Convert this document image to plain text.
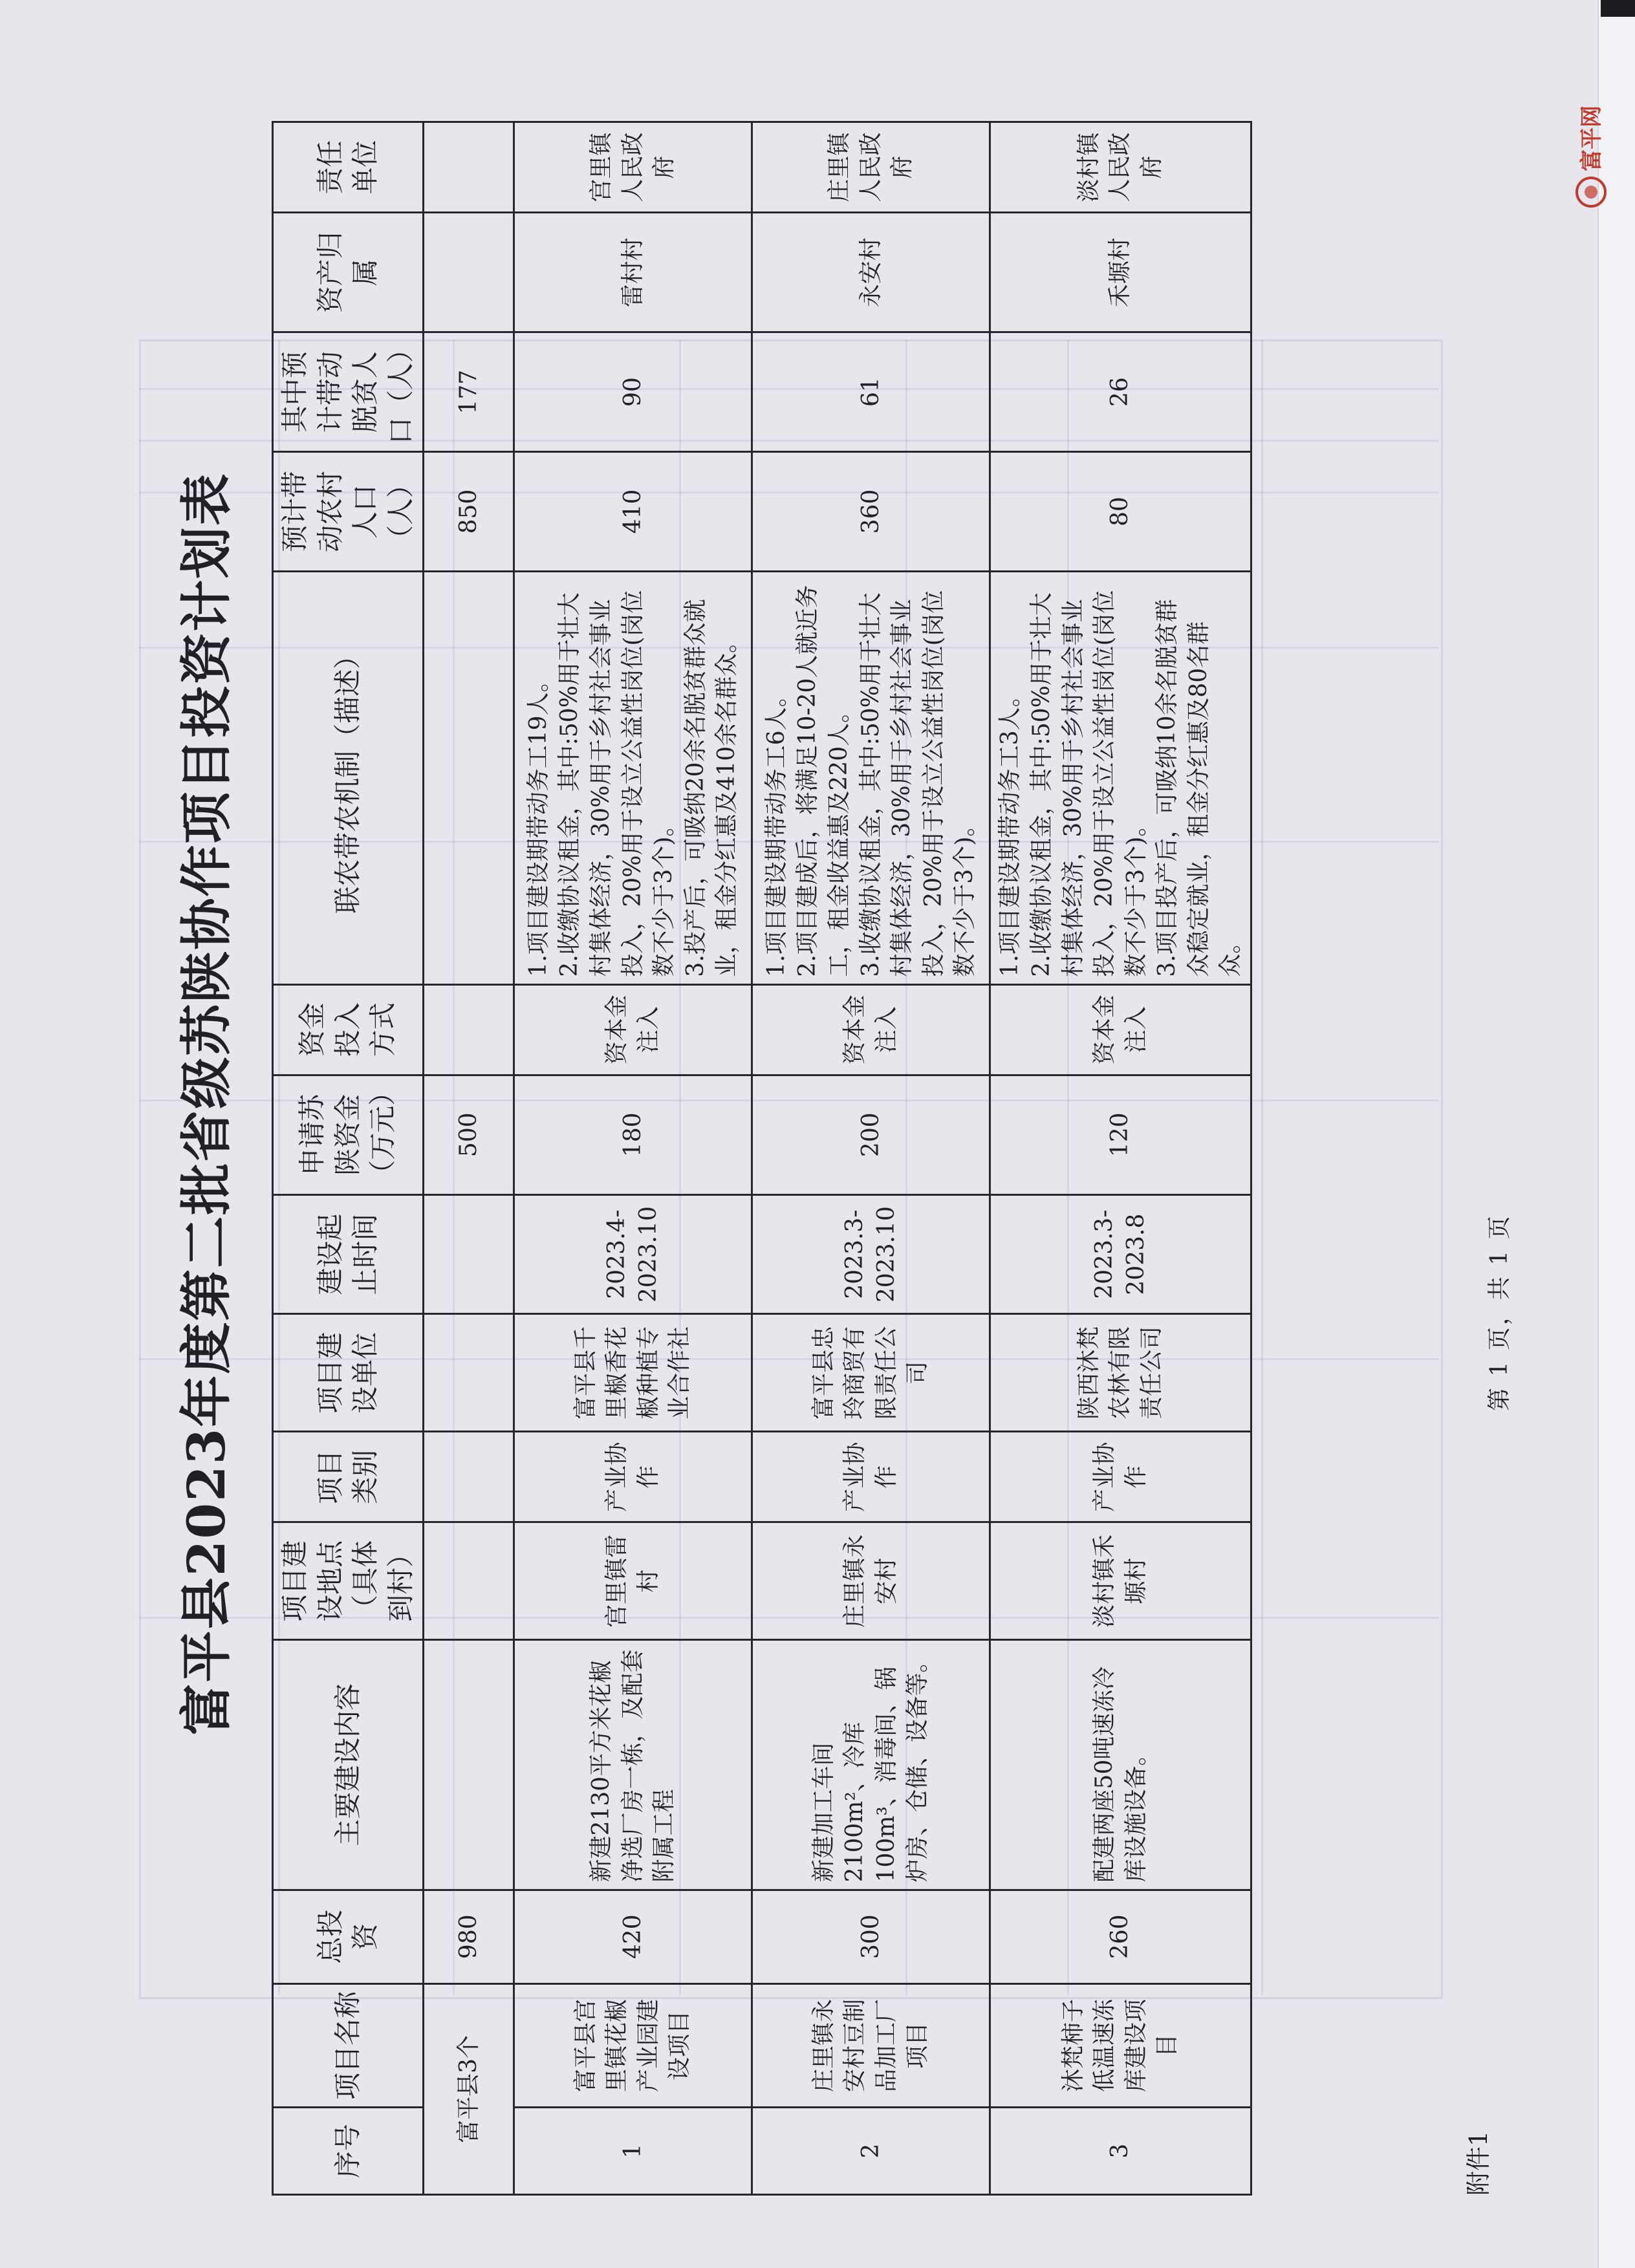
附件1
富平县2023年度第二批省级苏陕协作项目投资计划表
序号	项目名称	总投资	主要建设内容	项目建设地点（具体到村）	项目类别	项目建设单位	建设起止时间	申请苏陕资金（万元）	资金投入方式	联农带农机制（描述）	预计带动农村人口（人）	其中预计带动脱贫人口（人）	资产归属	责任单位
富平县3个		980						500			850	177		
1	富平县宫里镇花椒产业园建设项目	420	新建2130平方米花椒净选厂房一栋，及配套附属工程	宫里镇雷村	产业协作	富平县千里椒香花椒种植专业合作社	2023.4-2023.10	180	资本金注入	1.项目建设期带动务工19人。 2.收缴协议租金，其中:50%用于壮大村集体经济，30%用于乡村社会事业投入，20%用于设立公益性岗位(岗位数不少于3个)。 3.投产后，可吸纳20余名脱贫群众就业，租金分红惠及410余名群众。	410	90	雷村村	宫里镇人民政府
2	庄里镇永安村豆制品加工厂项目	300	新建加工车间2100m²、冷库100m³、消毒间、锅炉房、仓储、设备等。	庄里镇永安村	产业协作	富平县忠玲商贸有限责任公司	2023.3-2023.10	200	资本金注入	1.项目建设期带动务工6人。 2.项目建成后，将满足10-20人就近务工，租金收益惠及220人。 3.收缴协议租金，其中:50%用于壮大村集体经济，30%用于乡村社会事业投入，20%用于设立公益性岗位(岗位数不少于3个)。	360	61	永安村	庄里镇人民政府
3	沐梵柿子低温速冻库建设项目	260	配建两座50吨速冻冷库设施设备。	淡村镇禾塬村	产业协作	陕西沐梵农林有限责任公司	2023.3-2023.8	120	资本金注入	1.项目建设期带动务工3人。 2.收缴协议租金，其中:50%用于壮大村集体经济，30%用于乡村社会事业投入，20%用于设立公益性岗位(岗位数不少于3个)。 3.项目投产后，可吸纳10余名脱贫群众稳定就业，租金分红惠及80名群众。	80	26	禾塬村	淡村镇人民政府
第 1 页，共 1 页
富平网
